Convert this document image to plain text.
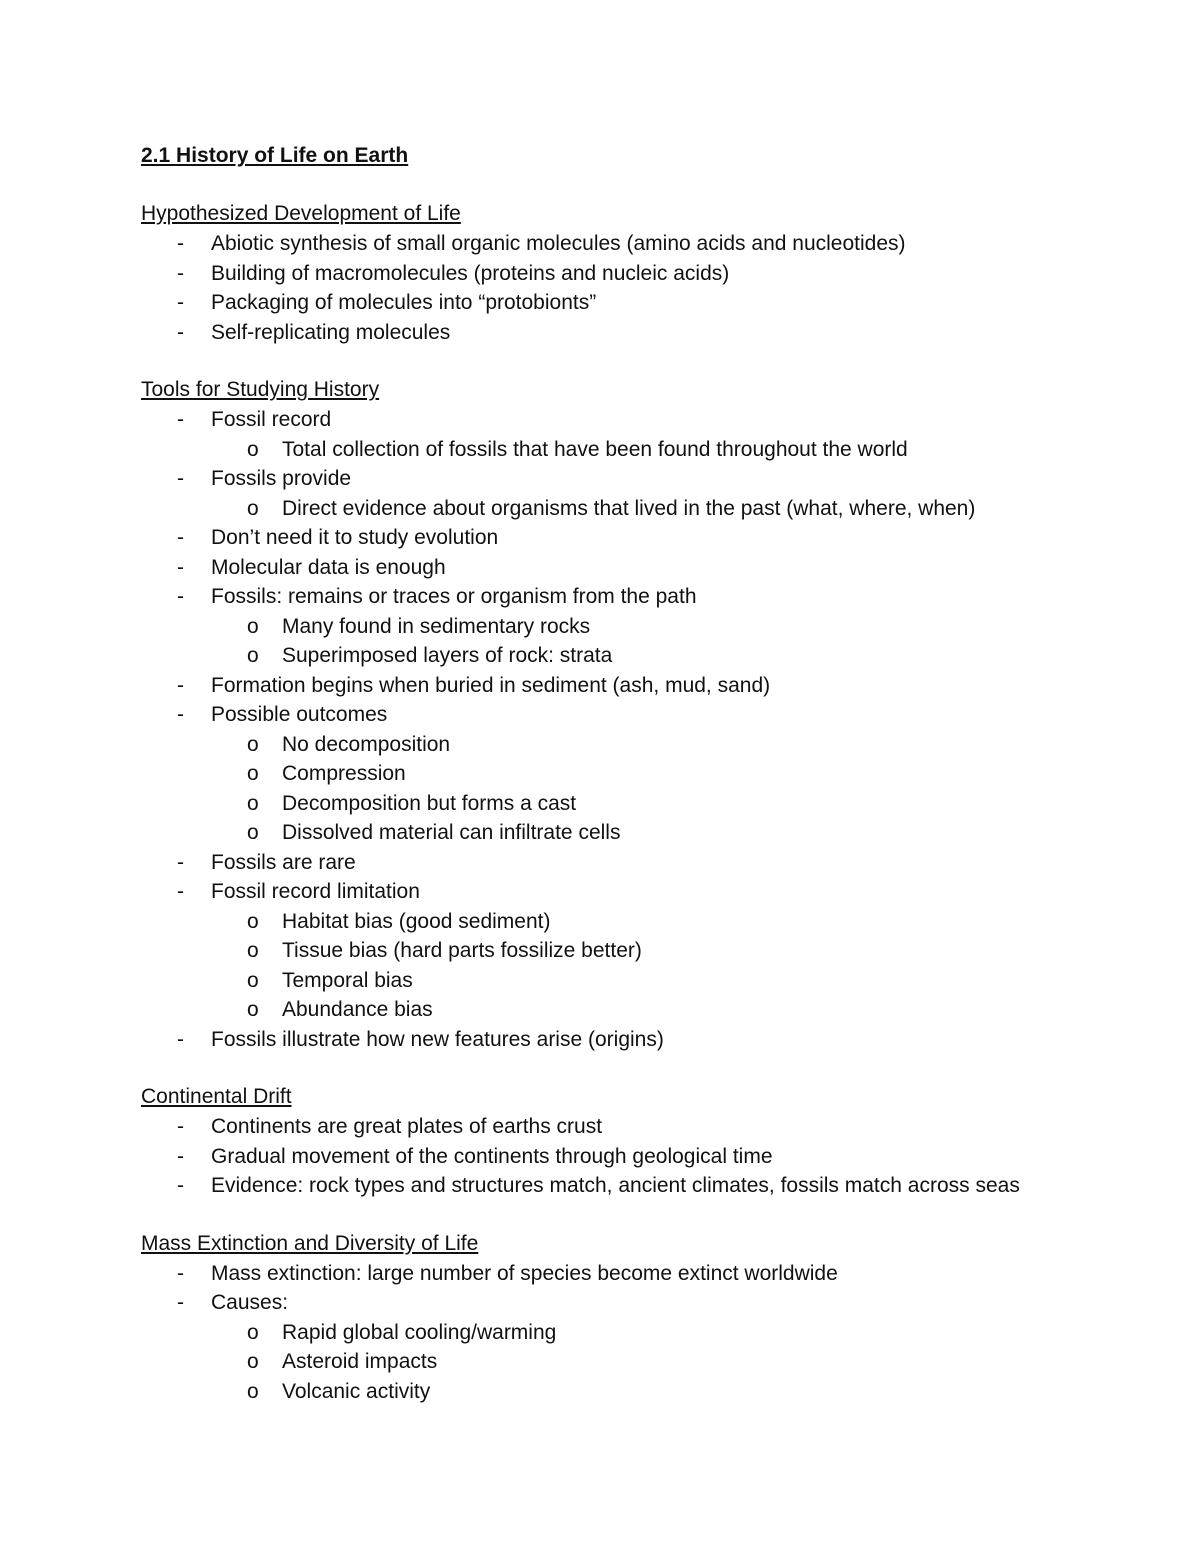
2.1 History of Life on Earth
Hypothesized Development of Life
- Abiotic synthesis of small organic molecules (amino acids and nucleotides)
- Building of macromolecules (proteins and nucleic acids)
- Packaging of molecules into “protobionts”
- Self-replicating molecules
Tools for Studying History
- Fossil record
o Total collection of fossils that have been found throughout the world
- Fossils provide
o Direct evidence about organisms that lived in the past (what, where, when)
- Don’t need it to study evolution
- Molecular data is enough
- Fossils: remains or traces or organism from the path
o Many found in sedimentary rocks
o Superimposed layers of rock: strata
- Formation begins when buried in sediment (ash, mud, sand)
- Possible outcomes
o No decomposition
o Compression
o Decomposition but forms a cast
o Dissolved material can infiltrate cells
- Fossils are rare
- Fossil record limitation
o Habitat bias (good sediment)
o Tissue bias (hard parts fossilize better)
o Temporal bias
o Abundance bias
- Fossils illustrate how new features arise (origins)
Continental Drift
- Continents are great plates of earths crust
- Gradual movement of the continents through geological time
- Evidence: rock types and structures match, ancient climates, fossils match across seas
Mass Extinction and Diversity of Life
- Mass extinction: large number of species become extinct worldwide
- Causes:
o Rapid global cooling/warming
o Asteroid impacts
o Volcanic activity
